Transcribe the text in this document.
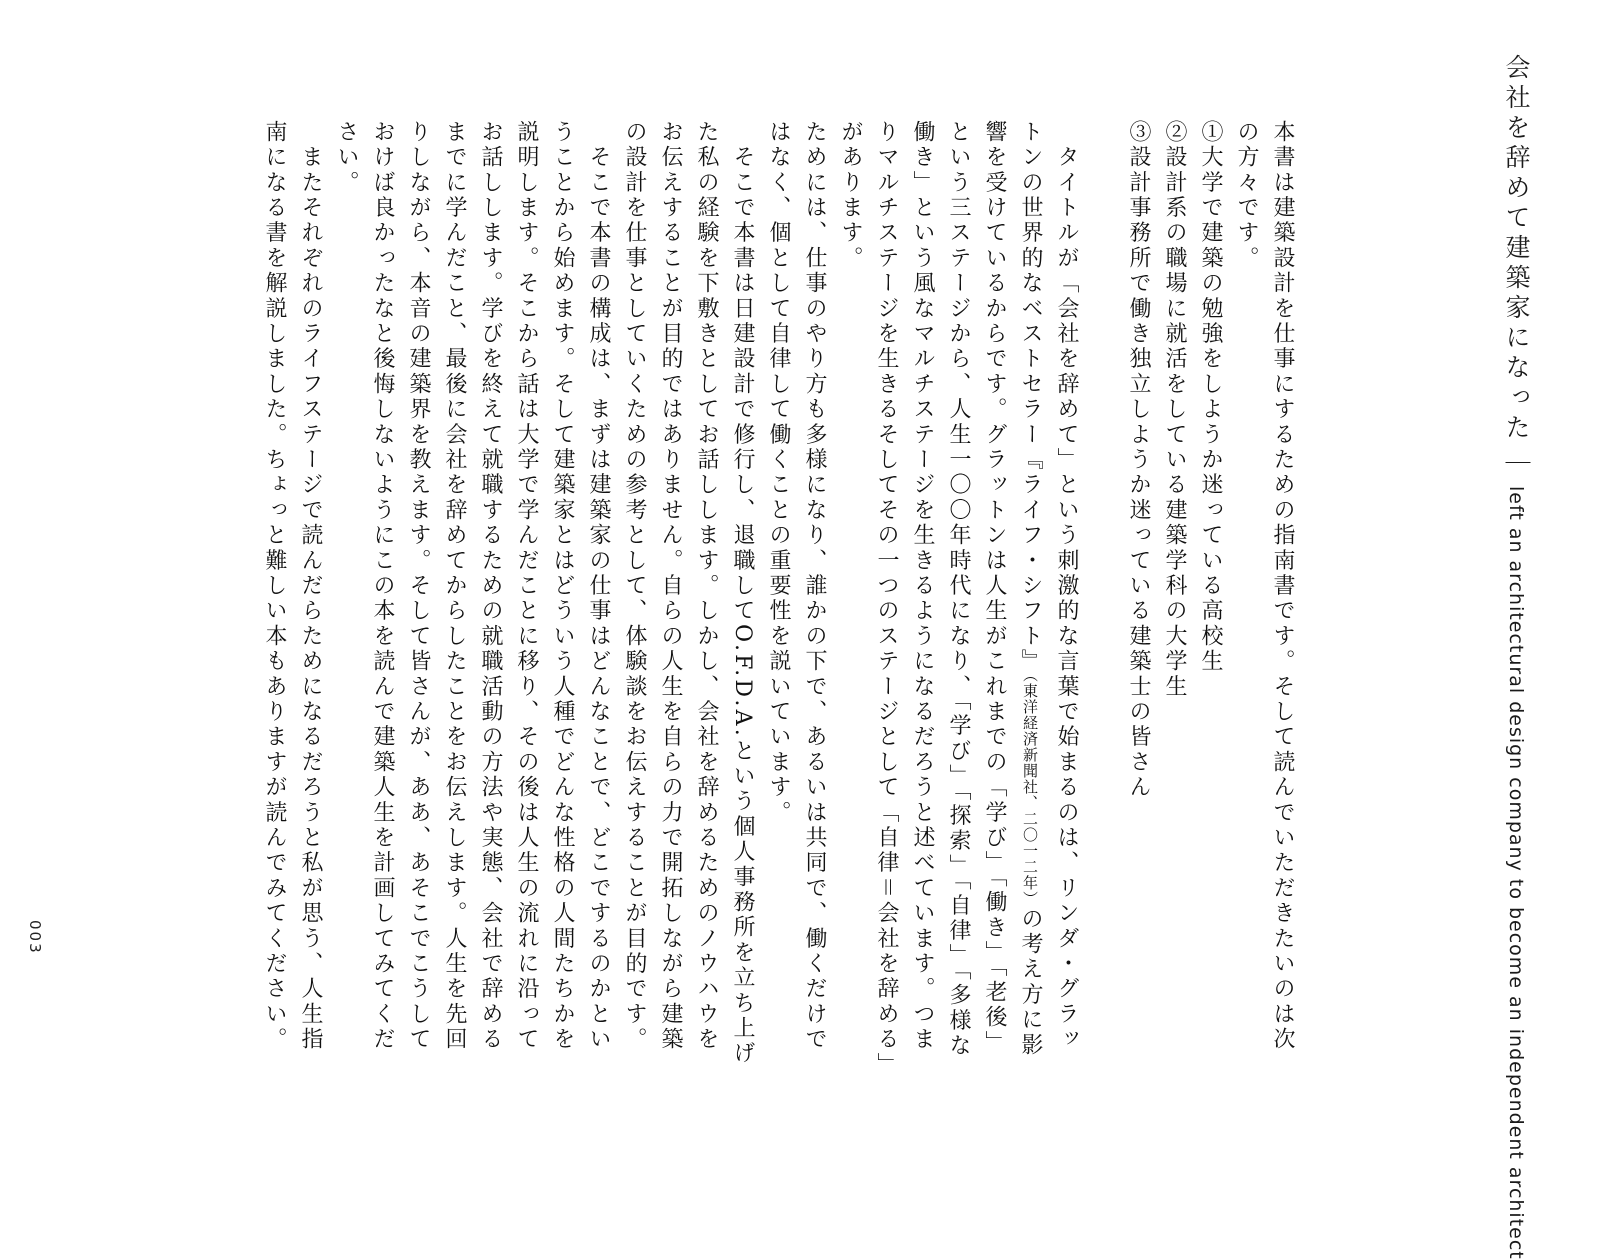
会社を辞めて建築家になった｜left an architectural design company to become an independent architect

本書は建築設計を仕事にするための指南書です。そして読んでいただきたいのは次の方々です。

①大学で建築の勉強をしようか迷っている高校生

②設計系の職場に就活をしている建築学科の大学生

③設計事務所で働き独立しようか迷っている建築士の皆さん

　タイトルが「会社を辞めて」という刺激的な言葉で始まるのは、リンダ・グラットンの世界的なベストセラー『ライフ・シフト』（東洋経済新聞社、二〇一二年）の考え方に影響を受けているからです。グラットンは人生がこれまでの「学び」「働き」「老後」という三ステージから、人生一〇〇年時代になり、「学び」「探索」「自律」「多様な働き」という風なマルチステージを生きるようになるだろうと述べています。つまりマルチステージを生きるそしてその一つのステージとして「自律＝会社を辞める」があります。

ためには、仕事のやり方も多様になり、誰かの下で、あるいは共同で、働くだけではなく、個として自律して働くことの重要性を説いています。

　そこで本書は日建設計で修行し、退職してO.F.D.A.という個人事務所を立ち上げた私の経験を下敷きとしてお話しします。しかし、会社を辞めるためのノウハウをお伝えすることが目的ではありません。自らの人生を自らの力で開拓しながら建築の設計を仕事としていくための参考として、体験談をお伝えすることが目的です。

　そこで本書の構成は、まずは建築家の仕事はどんなことで、どこでするのかということから始めます。そして建築家とはどういう人種でどんな性格の人間たちかを説明します。そこから話は大学で学んだことに移り、その後は人生の流れに沿ってお話しします。学びを終えて就職するための就職活動の方法や実態、会社で辞めるまでに学んだこと、最後に会社を辞めてからしたことをお伝えします。人生を先回りしながら、本音の建築界を教えます。そして皆さんが、ああ、あそこでこうしておけば良かったなと後悔しないようにこの本を読んで建築人生を計画してみてください。

　またそれぞれのライフステージで読んだらためになるだろうと私が思う、人生指南になる書を解説しました。ちょっと難しい本もありますが読んでみてください。

003
